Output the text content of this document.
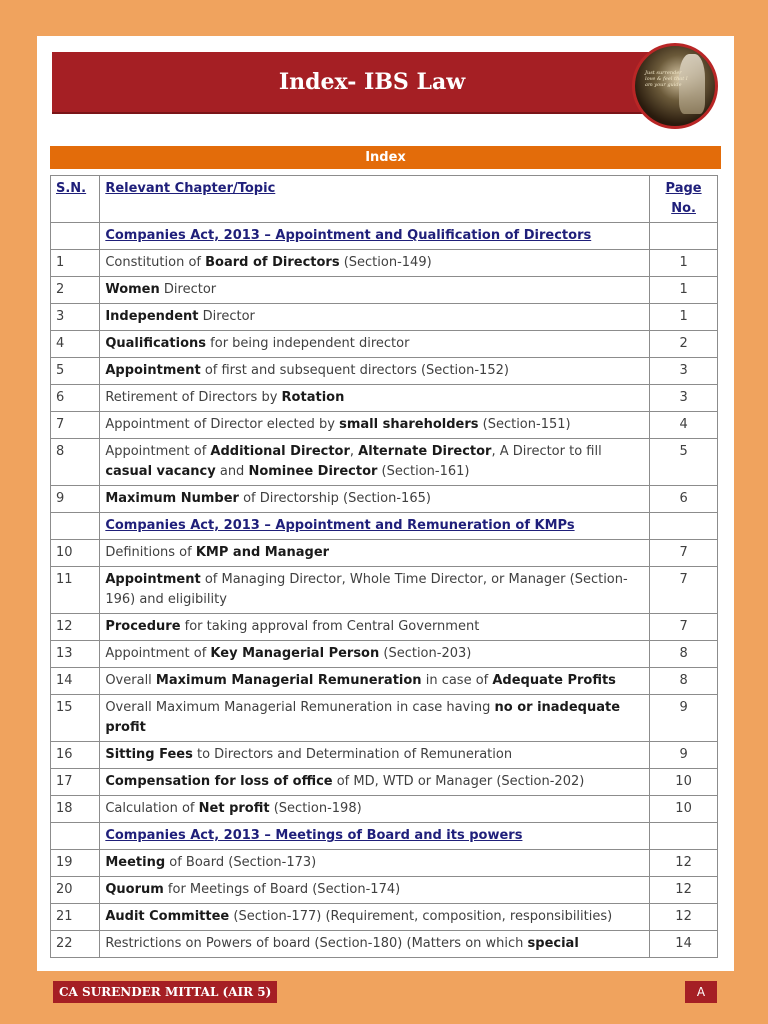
Index- IBS Law	Just surrender love & feel that I am your guide
Index
S.N.	Relevant Chapter/Topic	Page No.
	Companies Act, 2013 – Appointment and Qualification of Directors	
1	Constitution of Board of Directors (Section-149)	1
2	Women Director	1
3	Independent Director	1
4	Qualifications for being independent director	2
5	Appointment of first and subsequent directors (Section-152)	3
6	Retirement of Directors by Rotation	3
7	Appointment of Director elected by small shareholders (Section-151)	4
8	Appointment of Additional Director, Alternate Director, A Director to fill casual vacancy and Nominee Director (Section-161)	5
9	Maximum Number of Directorship (Section-165)	6
	Companies Act, 2013 – Appointment and Remuneration of KMPs	
10	Definitions of KMP and Manager	7
11	Appointment of Managing Director, Whole Time Director, or Manager (Section-196) and eligibility	7
12	Procedure for taking approval from Central Government	7
13	Appointment of Key Managerial Person (Section-203)	8
14	Overall Maximum Managerial Remuneration in case of Adequate Profits	8
15	Overall Maximum Managerial Remuneration in case having no or inadequate profit	9
16	Sitting Fees to Directors and Determination of Remuneration	9
17	Compensation for loss of office of MD, WTD or Manager (Section-202)	10
18	Calculation of Net profit (Section-198)	10
	Companies Act, 2013 – Meetings of Board and its powers	
19	Meeting of Board (Section-173)	12
20	Quorum for Meetings of Board (Section-174)	12
21	Audit Committee (Section-177) (Requirement, composition, responsibilities)	12
22	Restrictions on Powers of board (Section-180) (Matters on which special	14
CA SURENDER MITTAL (AIR 5)	A
